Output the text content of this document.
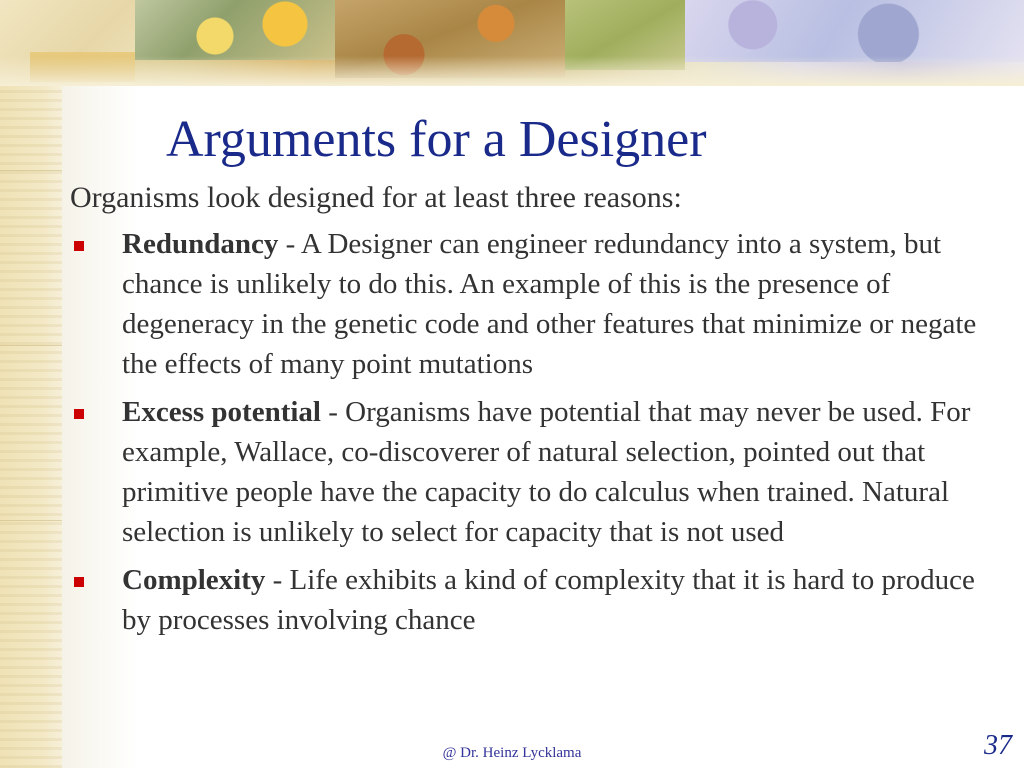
Arguments for a Designer

Organisms look designed for at least three reasons:

Redundancy - A Designer can engineer redundancy into a system, but chance is unlikely to do this. An example of this is the presence of degeneracy in the genetic code and other features that minimize or negate the effects of many point mutations
Excess potential - Organisms have potential that may never be used. For example, Wallace, co-discoverer of natural selection, pointed out that primitive people have the capacity to do calculus when trained. Natural selection is unlikely to select for capacity that is not used
Complexity - Life exhibits a kind of complexity that it is hard to produce by processes involving chance
@ Dr. Heinz Lycklama	37
